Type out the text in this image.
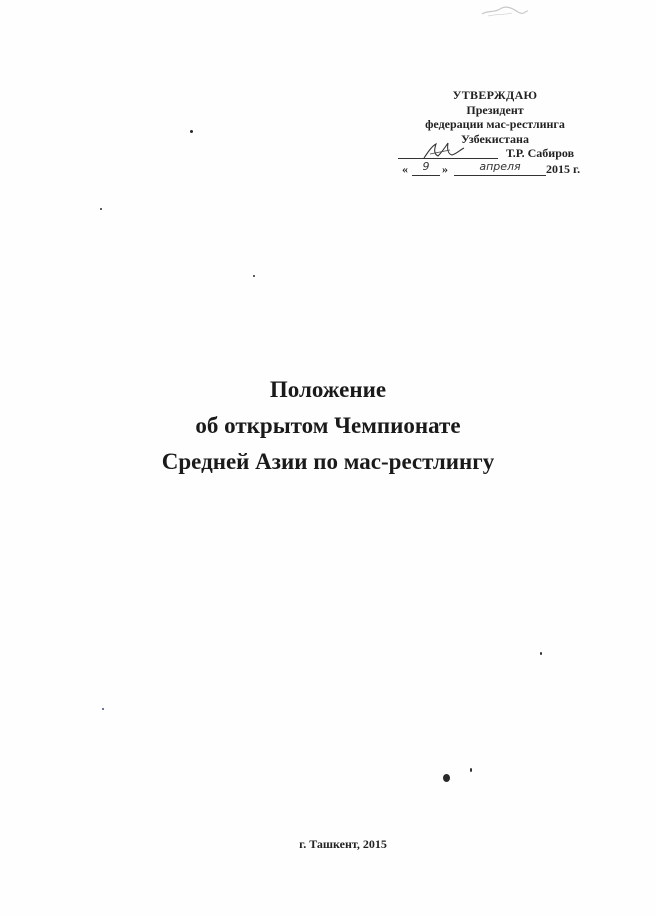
УТВЕРЖДАЮ
Президент
федерации мас-рестлинга
Узбекистана
Т.Р. Сабиров
«	9	»	апреля	2015 г.
Положение
об открытом Чемпионате
Средней Азии по мас-рестлингу
г. Ташкент, 2015
